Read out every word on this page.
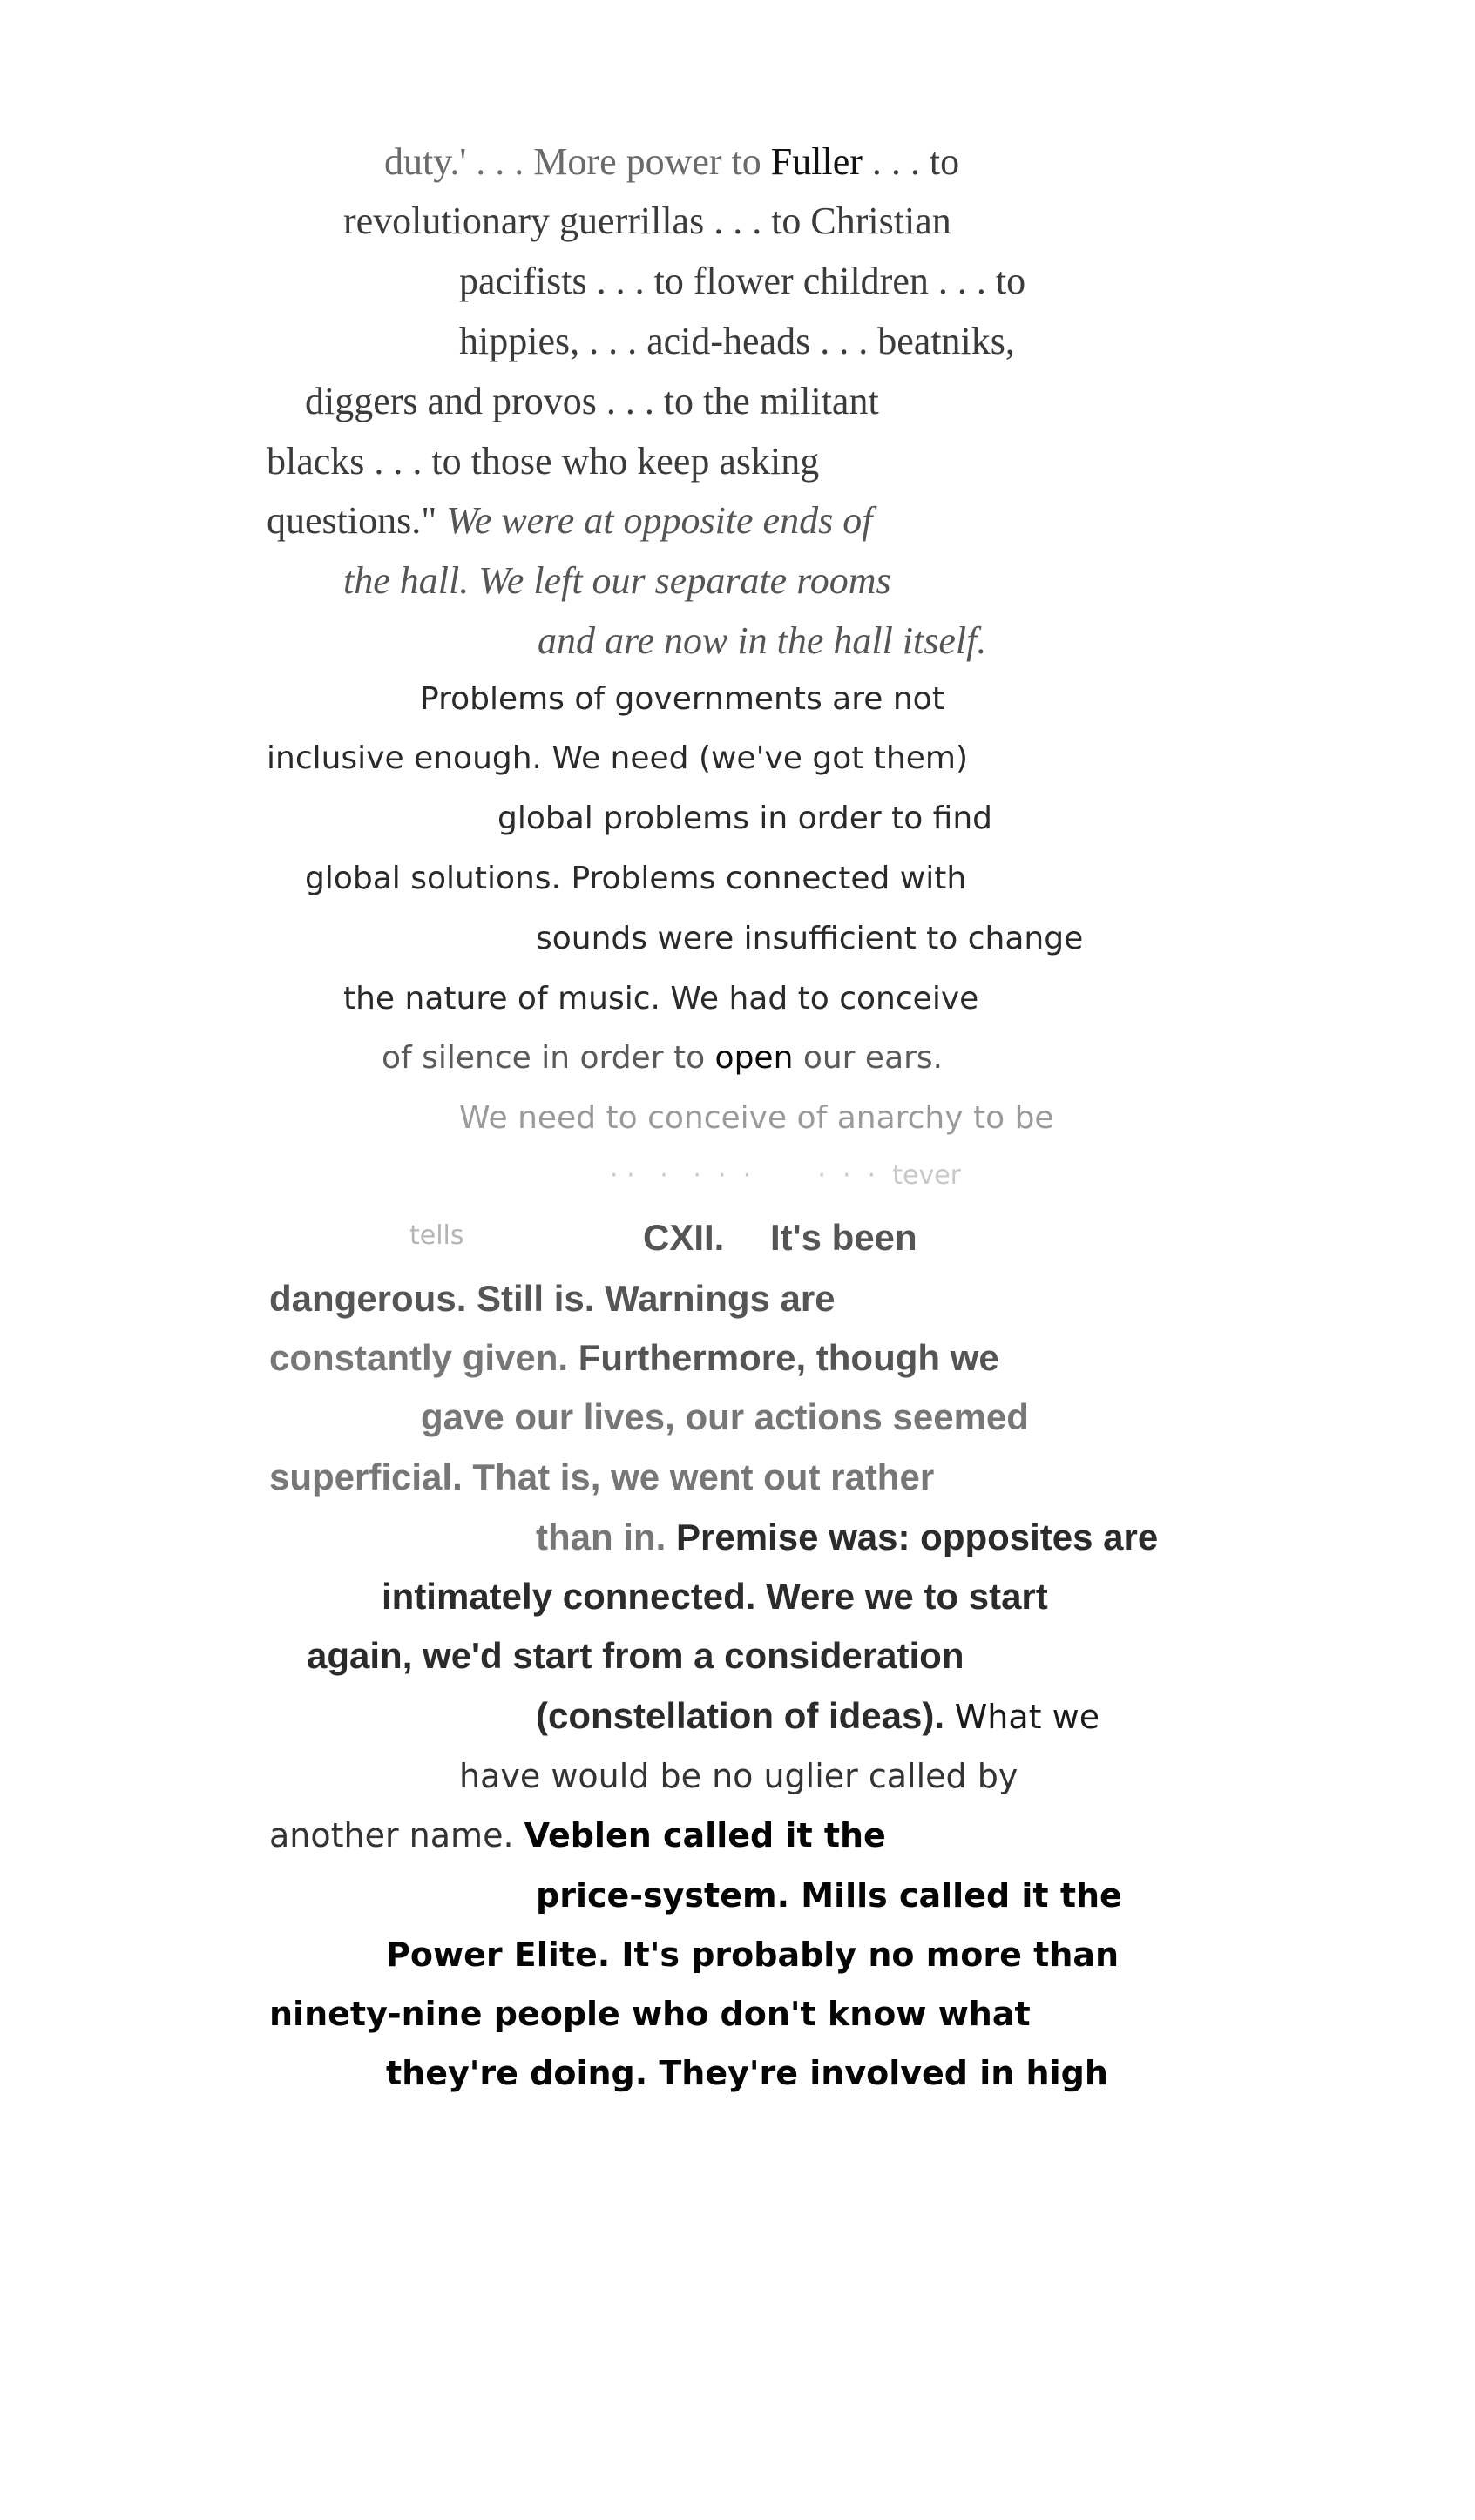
duty.' . . . More power to Fuller . . . to

revolutionary guerrillas . . . to Christian

pacifists . . . to flower children . . . to

hippies, . . . acid-heads . . . beatniks,

diggers and provos . . . to the militant

blacks . . . to those who keep asking

questions." We were at opposite ends of

the hall. We left our separate rooms

and are now in the hall itself.

Problems of governments are not

inclusive enough. We need (we've got them)

global problems in order to find

global solutions. Problems connected with

sounds were insufficient to change

the nature of music. We had to conceive

of silence in order to open our ears.

We need to conceive of anarchy to be

· ·   ·   ·  ·  ·        ·  ·  ·  tever

tells	CXII. It's been

dangerous. Still is. Warnings are

constantly given. Furthermore, though we

gave our lives, our actions seemed

superficial. That is, we went out rather

than in. Premise was: opposites are

intimately connected. Were we to start

again, we'd start from a consideration

(constellation of ideas). What we

have would be no uglier called by

another name. Veblen called it the

price-system. Mills called it the

Power Elite. It's probably no more than

ninety-nine people who don't know what

they're doing. They're involved in high
